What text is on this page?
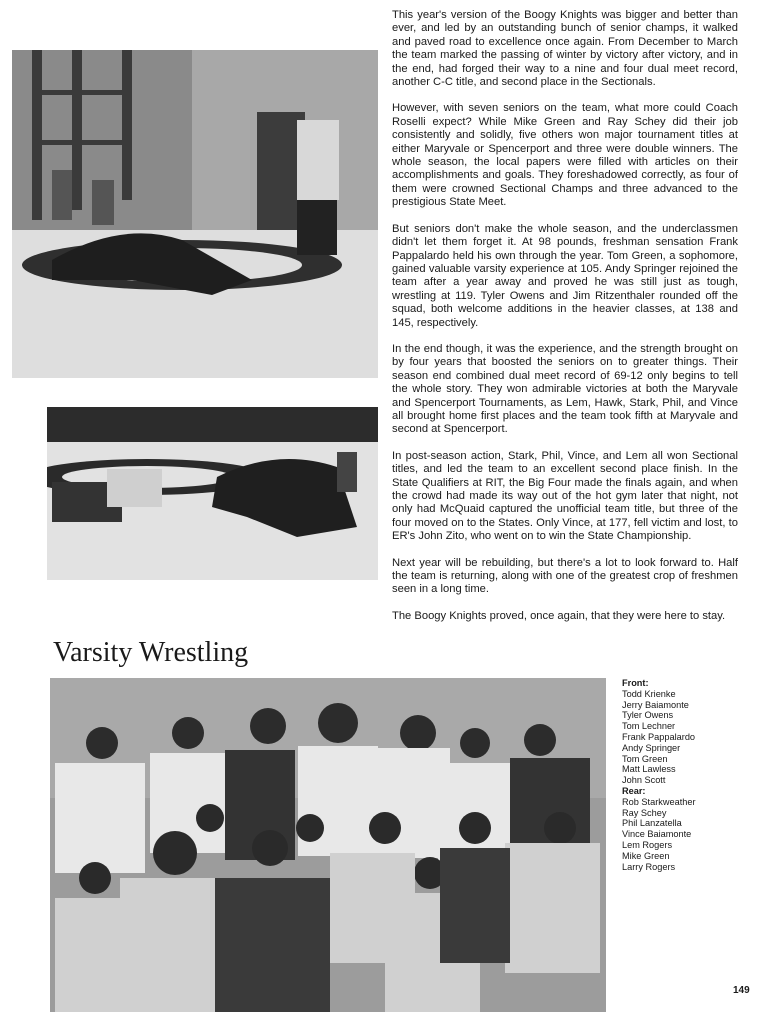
This year's version of the Boogy Knights was bigger and better than ever, and led by an outstanding bunch of senior champs, it walked and paved road to excellence once again. From December to March the team marked the passing of winter by victory after victory, and in the end, had forged their way to a nine and four dual meet record, another C-C title, and second place in the Sectionals.

However, with seven seniors on the team, what more could Coach Roselli expect? While Mike Green and Ray Schey did their job consistently and solidly, five others won major tournament titles at either Maryvale or Spencerport and three were double winners. The whole season, the local papers were filled with articles on their accomplishments and goals. They foreshadowed correctly, as four of them were crowned Sectional Champs and three advanced to the prestigious State Meet.

But seniors don't make the whole season, and the underclassmen didn't let them forget it. At 98 pounds, freshman sensation Frank Pappalardo held his own through the year. Tom Green, a sophomore, gained valuable varsity experience at 105. Andy Springer rejoined the team after a year away and proved he was still just as tough, wrestling at 119. Tyler Owens and Jim Ritzenthaler rounded off the squad, both welcome additions in the heavier classes, at 138 and 145, respectively.

In the end though, it was the experience, and the strength brought on by four years that boosted the seniors on to greater things. Their season end combined dual meet record of 69-12 only begins to tell the whole story. They won admirable victories at both the Maryvale and Spencerport Tournaments, as Lem, Hawk, Stark, Phil, and Vince all brought home first places and the team took fifth at Maryvale and second at Spencerport.

In post-season action, Stark, Phil, Vince, and Lem all won Sectional titles, and led the team to an excellent second place finish. In the State Qualifiers at RIT, the Big Four made the finals again, and when the crowd had made its way out of the hot gym later that night, not only had McQuaid captured the unofficial team title, but three of the four moved on to the States. Only Vince, at 177, fell victim and lost, to ER's John Zito, who went on to win the State Championship.

Next year will be rebuilding, but there's a lot to look forward to. Half the team is returning, along with one of the greatest crop of freshmen seen in a long time.

The Boogy Knights proved, once again, that they were here to stay.

Varsity Wrestling
Front:
Todd Krienke
Jerry Baiamonte
Tyler Owens
Tom Lechner
Frank Pappalardo
Andy Springer
Tom Green
Matt Lawless
John Scott
Rear:
Rob Starkweather
Ray Schey
Phil Lanzatella
Vince Baiamonte
Lem Rogers
Mike Green
Larry Rogers
149
